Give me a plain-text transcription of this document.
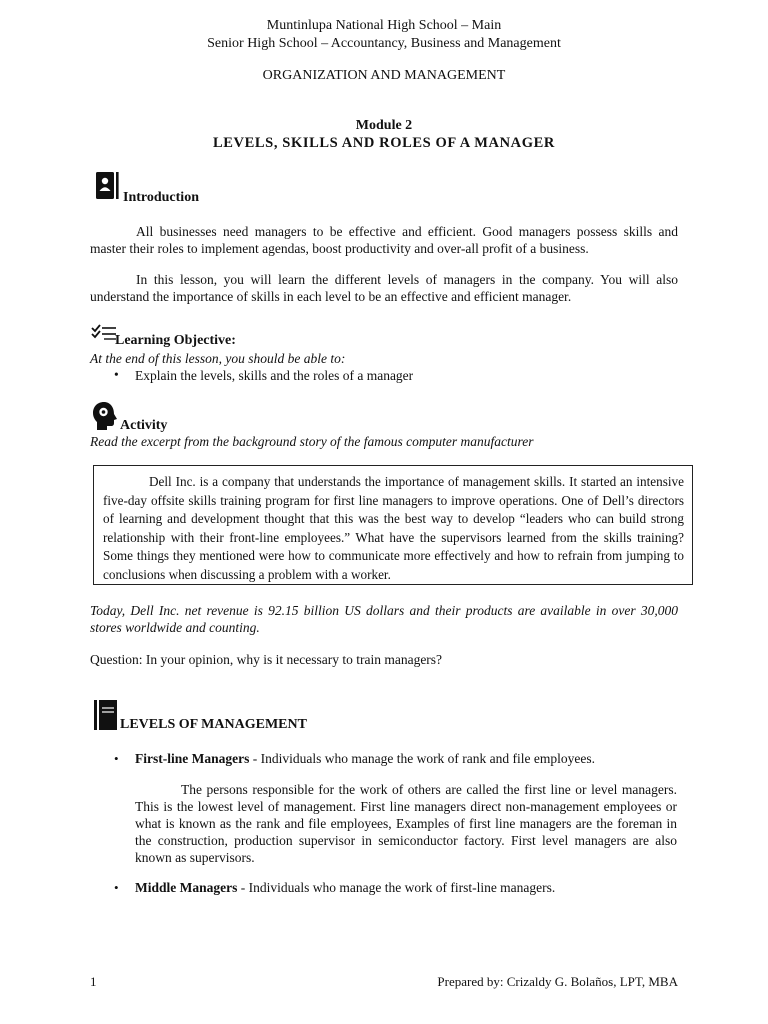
Muntinlupa National High School – Main
Senior High School – Accountancy, Business and Management
ORGANIZATION AND MANAGEMENT
Module 2
LEVELS, SKILLS AND ROLES OF A MANAGER
Introduction
All businesses need managers to be effective and efficient. Good managers possess skills and master their roles to implement agendas, boost productivity and over-all profit of a business.
In this lesson, you will learn the different levels of managers in the company. You will also understand the importance of skills in each level to be an effective and efficient manager.
Learning Objective:
At the end of this lesson, you should be able to:
• Explain the levels, skills and the roles of a manager
Activity
Read the excerpt from the background story of the famous computer manufacturer
Dell Inc. is a company that understands the importance of management skills. It started an intensive five-day offsite skills training program for first line managers to improve operations. One of Dell’s directors of learning and development thought that this was the best way to develop “leaders who can build strong relationship with their front-line employees.” What have the supervisors learned from the skills training? Some things they mentioned were how to communicate more effectively and how to refrain from jumping to conclusions when discussing a problem with a worker.
Today, Dell Inc. net revenue is 92.15 billion US dollars and their products are available in over 30,000 stores worldwide and counting.
Question: In your opinion, why is it necessary to train managers?
LEVELS OF MANAGEMENT
• First-line Managers - Individuals who manage the work of rank and file employees.
The persons responsible for the work of others are called the first line or level managers. This is the lowest level of management. First line managers direct non-management employees or what is known as the rank and file employees, Examples of first line managers are the foreman in the construction, production supervisor in semiconductor factory. First level managers are also known as supervisors.
• Middle Managers - Individuals who manage the work of first-line managers.
1	Prepared by: Crizaldy G. Bolaños, LPT, MBA
